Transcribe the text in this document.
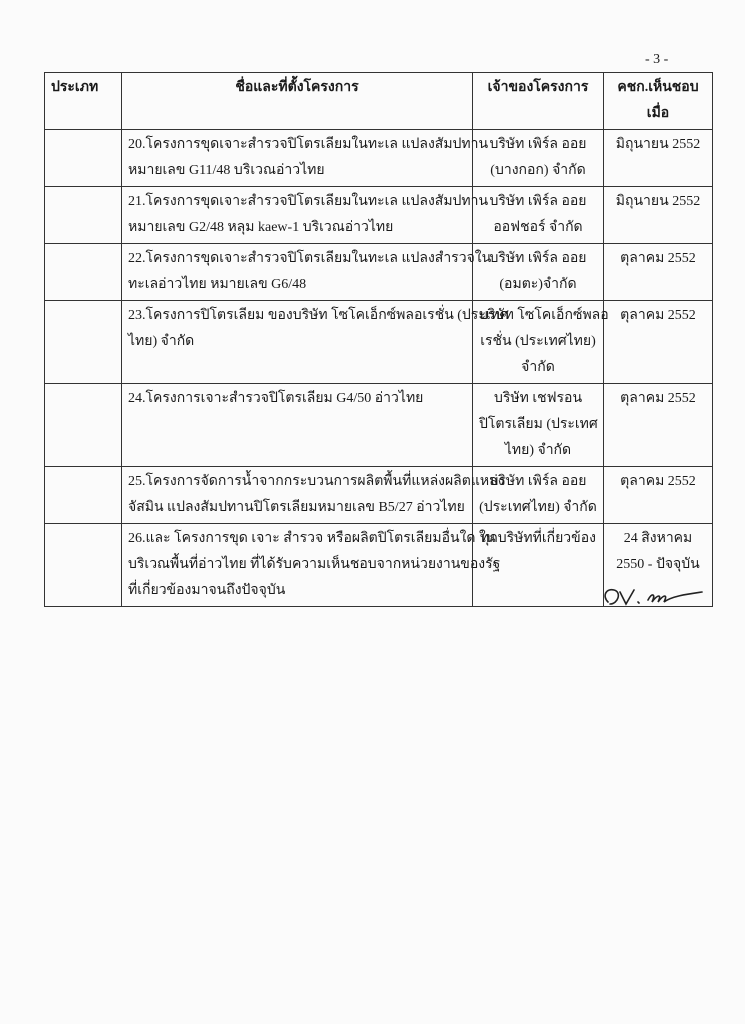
- 3 -
ประเภท	ชื่อและที่ตั้งโครงการ	เจ้าของโครงการ	คชก.เห็นชอบ
เมื่อ

	20.โครงการขุดเจาะสำรวจปิโตรเลียมในทะเล แปลงสัมปทาน
หมายเลข G11/48 บริเวณอ่าวไทย	บริษัท เพิร์ล ออย
(บางกอก) จำกัด	มิถุนายน 2552

	21.โครงการขุดเจาะสำรวจปิโตรเลียมในทะเล แปลงสัมปทาน
หมายเลข G2/48 หลุม kaew-1 บริเวณอ่าวไทย	บริษัท เพิร์ล ออย
ออฟชอร์ จำกัด	มิถุนายน 2552

	22.โครงการขุดเจาะสำรวจปิโตรเลียมในทะเล แปลงสำรวจใน
ทะเลอ่าวไทย หมายเลข G6/48	บริษัท เพิร์ล ออย
(อมตะ)จำกัด	ตุลาคม 2552

	23.โครงการปิโตรเลียม ของบริษัท โซโคเอ็กซ์พลอเรชั่น (ประเทศ
ไทย) จำกัด	บริษัท โซโคเอ็กซ์พลอ
เรชั่น (ประเทศไทย)
จำกัด	ตุลาคม 2552

	24.โครงการเจาะสำรวจปิโตรเลียม G4/50 อ่าวไทย	บริษัท เชฟรอน
ปิโตรเลียม (ประเทศ
ไทย) จำกัด	ตุลาคม 2552

	25.โครงการจัดการน้ำจากกระบวนการผลิตพื้นที่แหล่งผลิตแหล่ง
จัสมิน แปลงสัมปทานปิโตรเลียมหมายเลข B5/27 อ่าวไทย	บริษัท เพิร์ล ออย
(ประเทศไทย) จำกัด	ตุลาคม 2552

	26.และ โครงการขุด เจาะ สำรวจ หรือผลิตปิโตรเลียมอื่นใด ใน
บริเวณพื้นที่อ่าวไทย ที่ได้รับความเห็นชอบจากหน่วยงานของรัฐ
ที่เกี่ยวข้องมาจนถึงปัจจุบัน	ทุกบริษัทที่เกี่ยวข้อง	24 สิงหาคม
2550 - ปัจจุบัน
